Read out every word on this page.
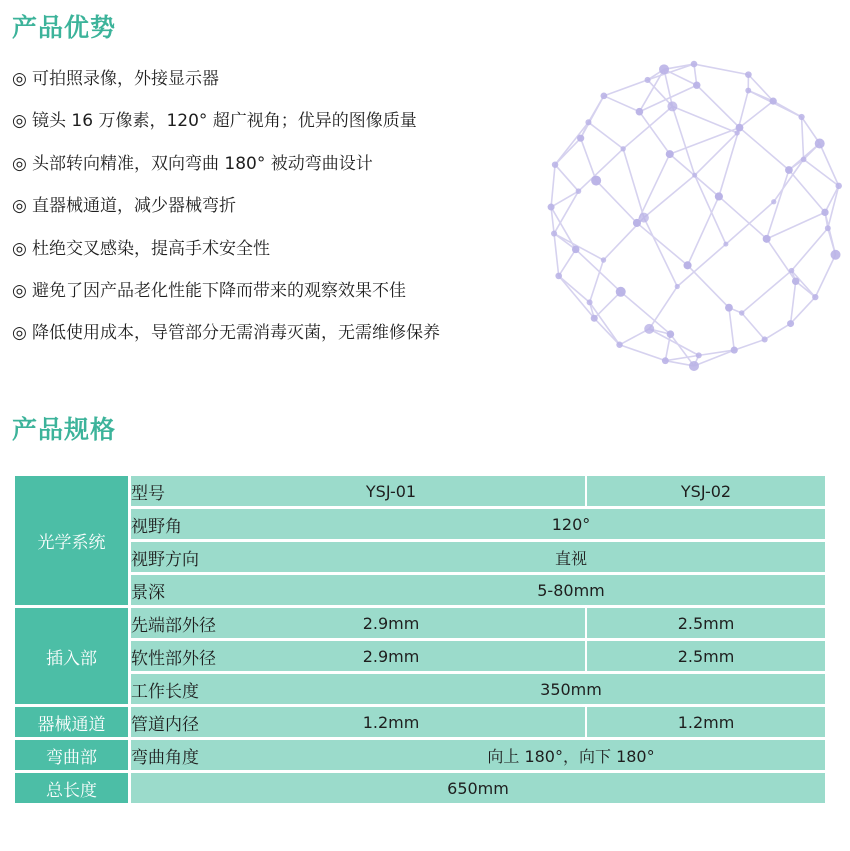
产品优势
◎ 可拍照录像，外接显示器
◎ 镜头 16 万像素，120° 超广视角；优异的图像质量
◎ 头部转向精准，双向弯曲 180° 被动弯曲设计
◎ 直器械通道，减少器械弯折
◎ 杜绝交叉感染，提高手术安全性
◎ 避免了因产品老化性能下降而带来的观察效果不佳
◎ 降低使用成本，导管部分无需消毒灭菌，无需维修保养
产品规格
光学系统	型号	YSJ-01	YSJ-02
	视野角	120°	
	视野方向	直视	
	景深	5-80mm	
插入部	先端部外径	2.9mm	2.5mm
	软性部外径	2.9mm	2.5mm
	工作长度	350mm	
器械通道	管道内径	1.2mm	1.2mm
弯曲部	弯曲角度	向上 180°，向下 180°	
总长度	650mm		
